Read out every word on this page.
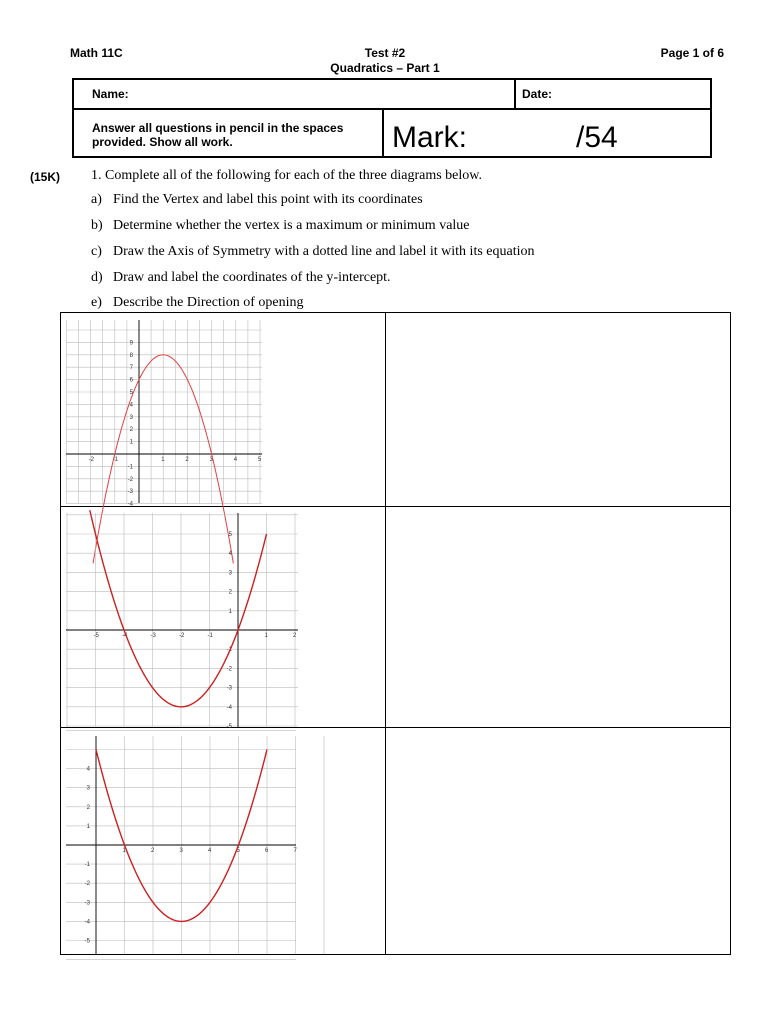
Math 11C	Test #2
Quadratics – Part 1
Page 1 of 6
Name:	Date:
Answer all questions in pencil in the spaces
provided. Show all work.	Mark:	/54
(15K) 1. Complete all of the following for each of the three diagrams below.
a) Find the Vertex and label this point with its coordinates
b) Determine whether the vertex is a maximum or minimum value
c) Draw the Axis of Symmetry with a dotted line and label it with its equation
d) Draw and label the coordinates of the y-intercept.
e) Describe the Direction of opening
-2	-1	1	2	3	4	5
9
8
7
6
5
4
3
2
1
-1
-2
-3
-4
-5	-4	-3	-2	-1	1	2
5
4
3
2
1
-1
-2
-3
-4
-5
1	2	3	4	5	6	7
4
3
2
1
-1
-2
-3
-4
-5
